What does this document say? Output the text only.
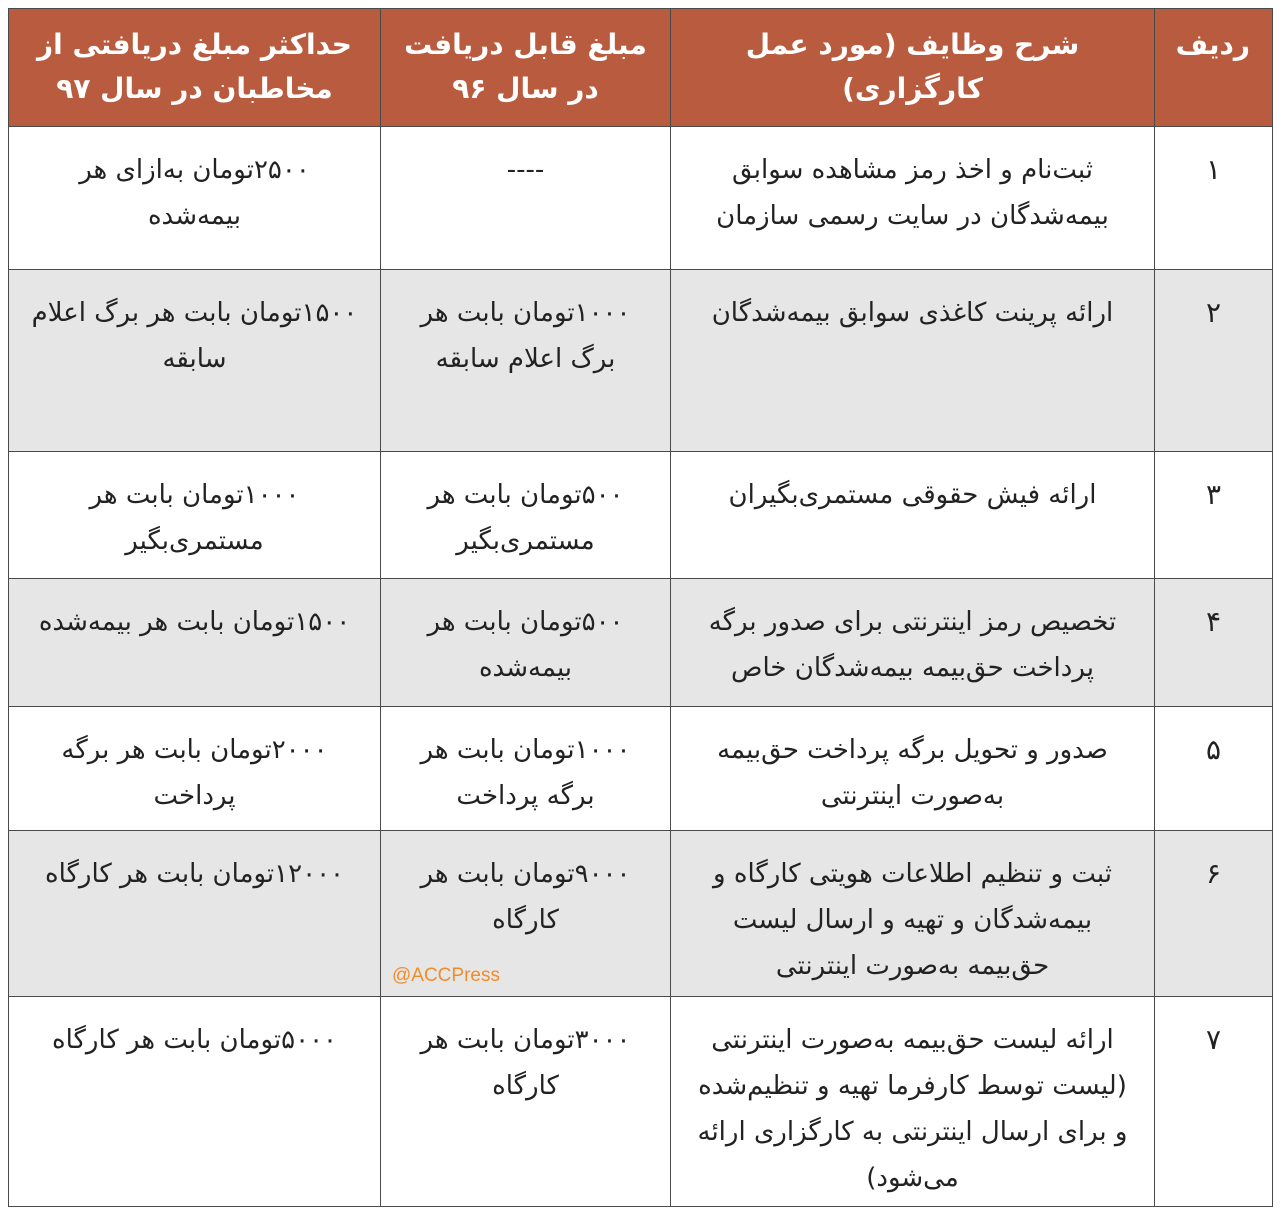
ردیف	شرح وظایف (مورد عمل کارگزاری)	مبلغ قابل دریافت در سال ۹۶	حداکثر مبلغ دریافتی از مخاطبان در سال ۹۷
۱	ثبت‌نام و اخذ رمز مشاهده سوابق بیمه‌شدگان در سایت رسمی سازمان	----	۲۵۰۰تومان به‌ازای هر بیمه‌شده
۲	ارائه پرینت کاغذی سوابق بیمه‌شدگان	۱۰۰۰تومان بابت هر برگ اعلام سابقه	۱۵۰۰تومان بابت هر برگ اعلام سابقه
۳	ارائه فیش حقوقی مستمری‌بگیران	۵۰۰تومان بابت هر مستمری‌بگیر	۱۰۰۰تومان بابت هر مستمری‌بگیر
۴	تخصیص رمز اینترنتی برای صدور برگه پرداخت حق‌بیمه بیمه‌شدگان خاص	۵۰۰تومان بابت هر بیمه‌شده	۱۵۰۰تومان بابت هر بیمه‌شده
۵	صدور و تحویل برگه پرداخت حق‌بیمه به‌صورت اینترنتی	۱۰۰۰تومان بابت هر برگه پرداخت	۲۰۰۰تومان بابت هر برگه پرداخت
۶	ثبت و تنظیم اطلاعات هویتی کارگاه و بیمه‌شدگان و تهیه و ارسال لیست حق‌بیمه به‌صورت اینترنتی	۹۰۰۰تومان بابت هر کارگاه	۱۲۰۰۰تومان بابت هر کارگاه
۷	ارائه لیست حق‌بیمه به‌صورت اینترنتی (لیست توسط کارفرما تهیه و تنظیم‌شده و برای ارسال اینترنتی به کارگزاری ارائه می‌شود)	۳۰۰۰تومان بابت هر کارگاه	۵۰۰۰تومان بابت هر کارگاه
@ACCPress
